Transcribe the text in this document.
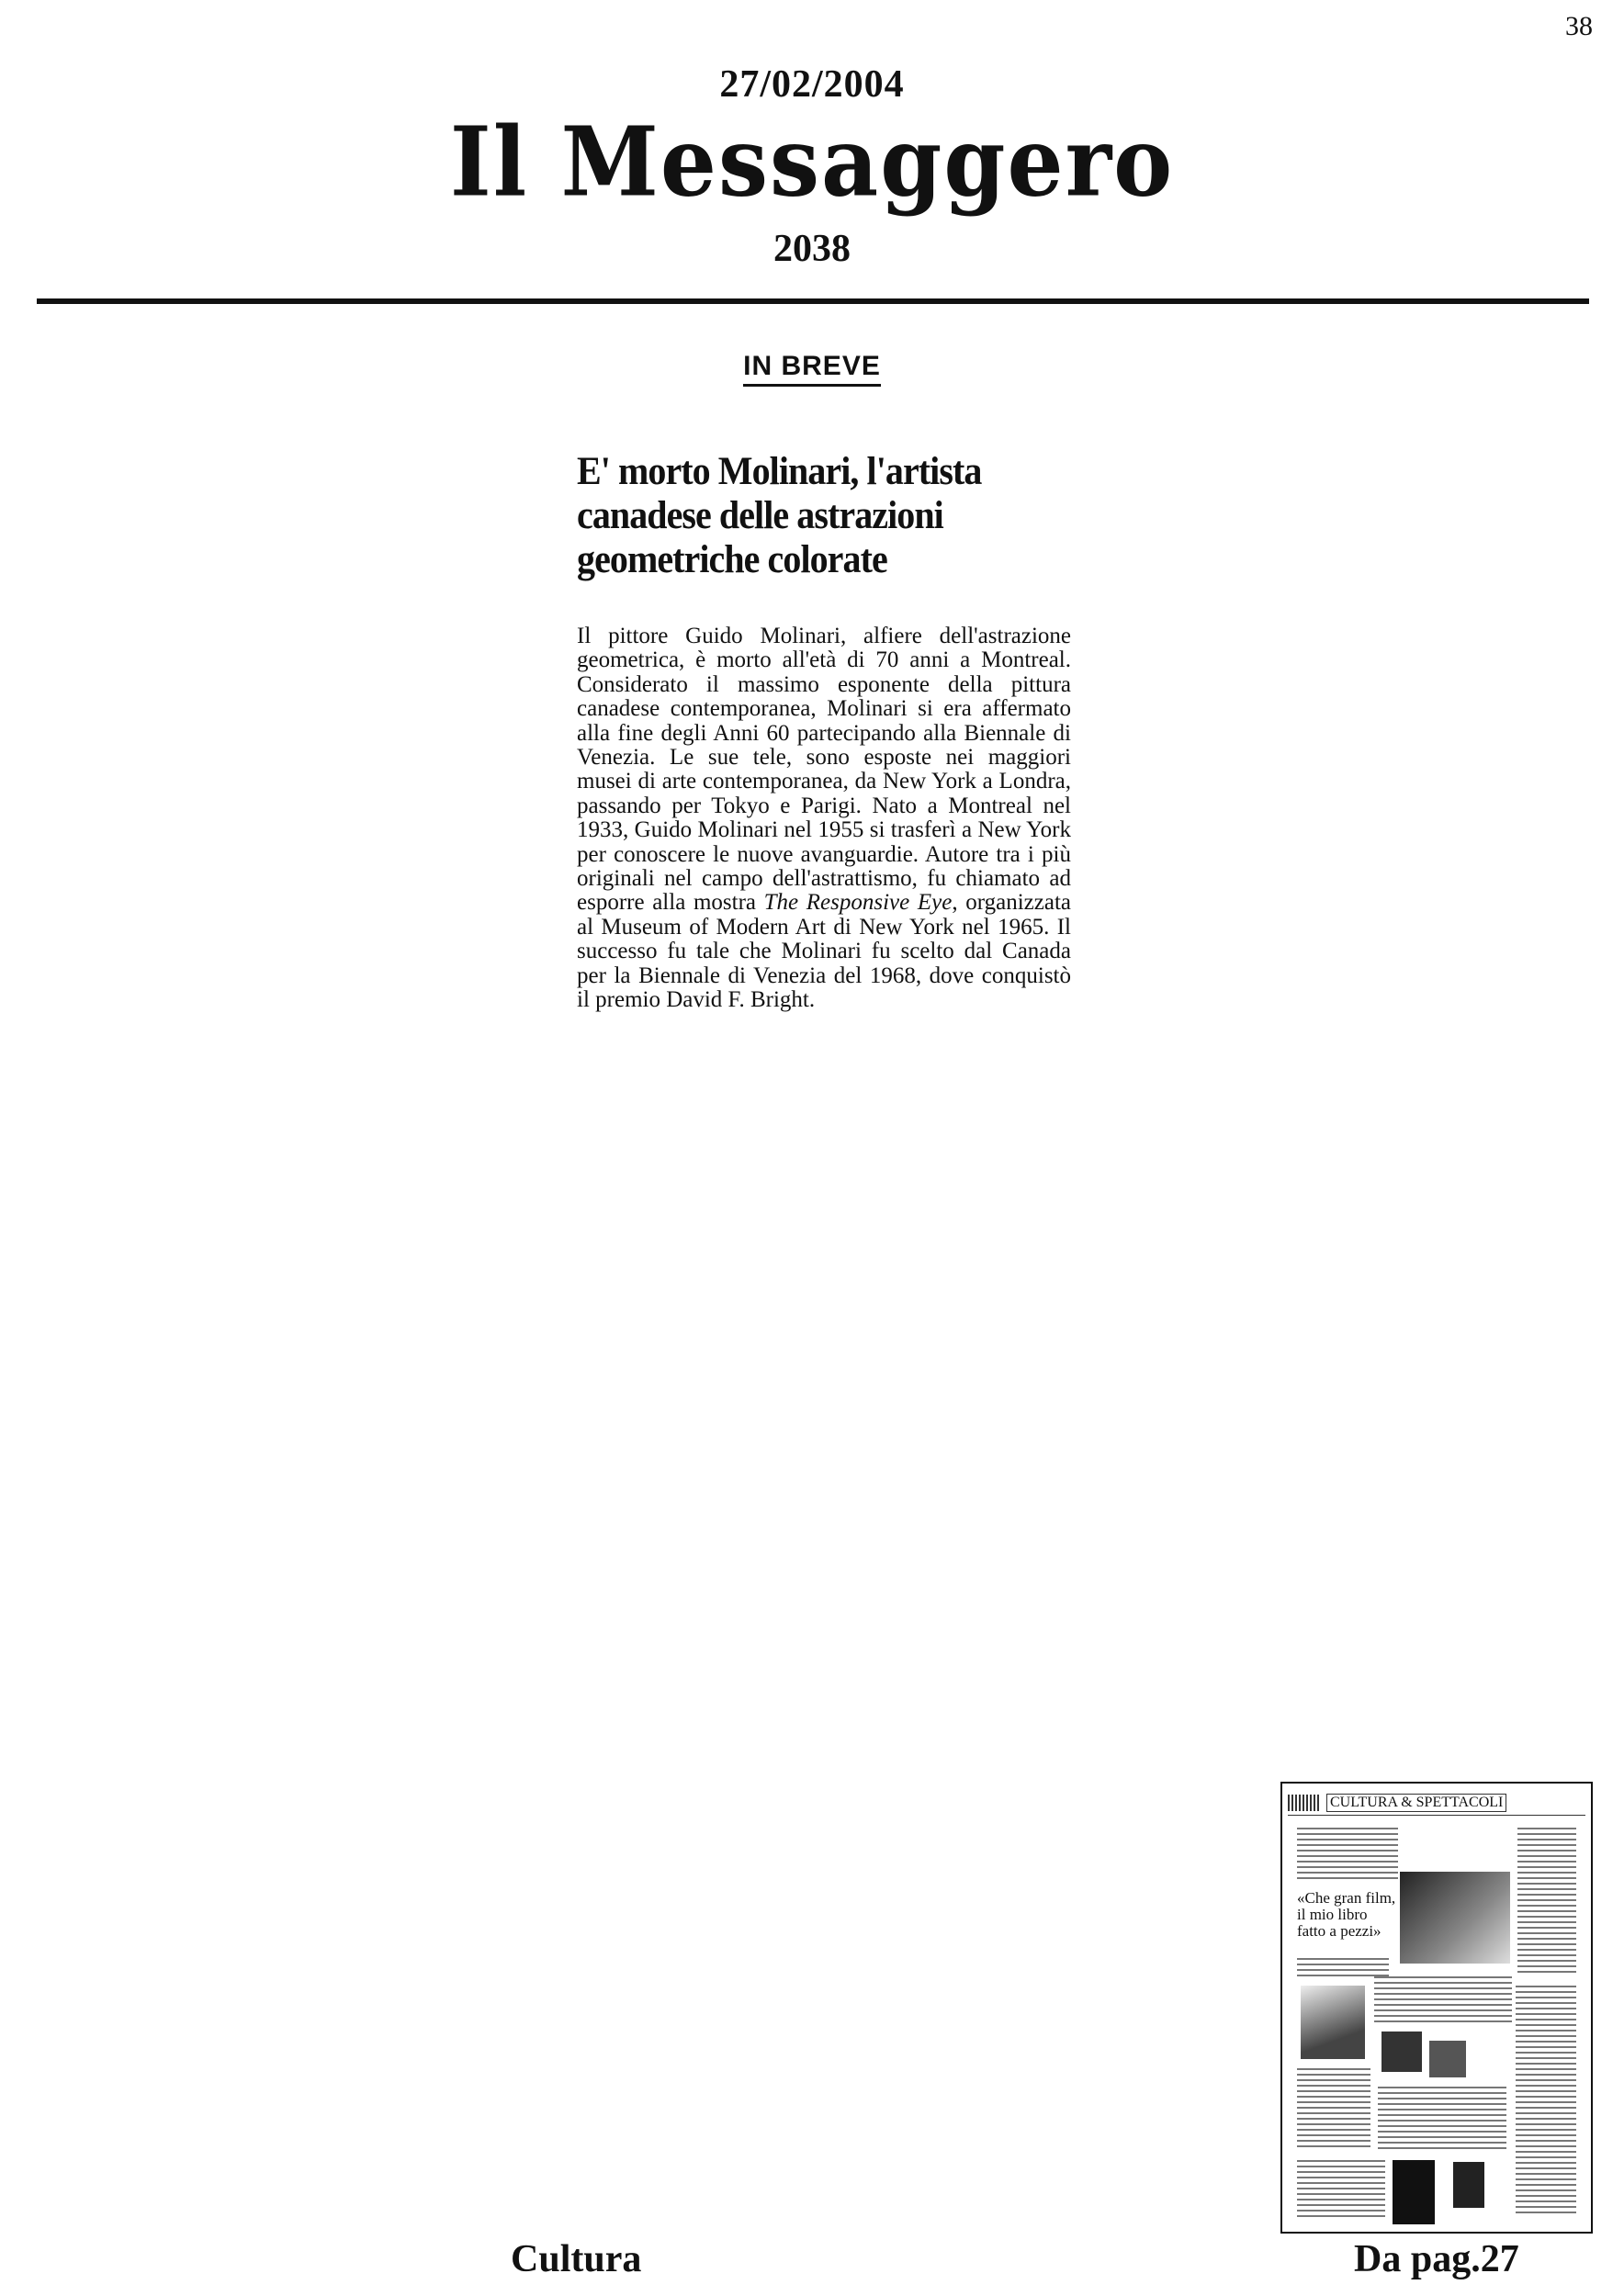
38
27/02/2004
Il Messaggero
2038
IN BREVE
E' morto Molinari, l'artista canadese delle astrazioni geometriche colorate

Il pittore Guido Molinari, alfiere dell'astrazione geometrica, è morto all'età di 70 anni a Montreal. Considerato il massimo esponente della pittura canadese contemporanea, Molinari si era affermato alla fine degli Anni 60 partecipando alla Biennale di Venezia. Le sue tele, sono esposte nei maggiori musei di arte contemporanea, da New York a Londra, passando per Tokyo e Parigi. Nato a Montreal nel 1933, Guido Molinari nel 1955 si trasferì a New York per conoscere le nuove avanguardie. Autore tra i più originali nel campo dell'astrattismo, fu chiamato ad esporre alla mostra The Responsive Eye, organizzata al Museum of Modern Art di New York nel 1965. Il successo fu tale che Molinari fu scelto dal Canada per la Biennale di Venezia del 1968, dove conquistò il premio David F. Bright.

CULTURA & SPETTACOLI
«Che gran film, il mio libro fatto a pezzi»
Cultura	Da pag.27
